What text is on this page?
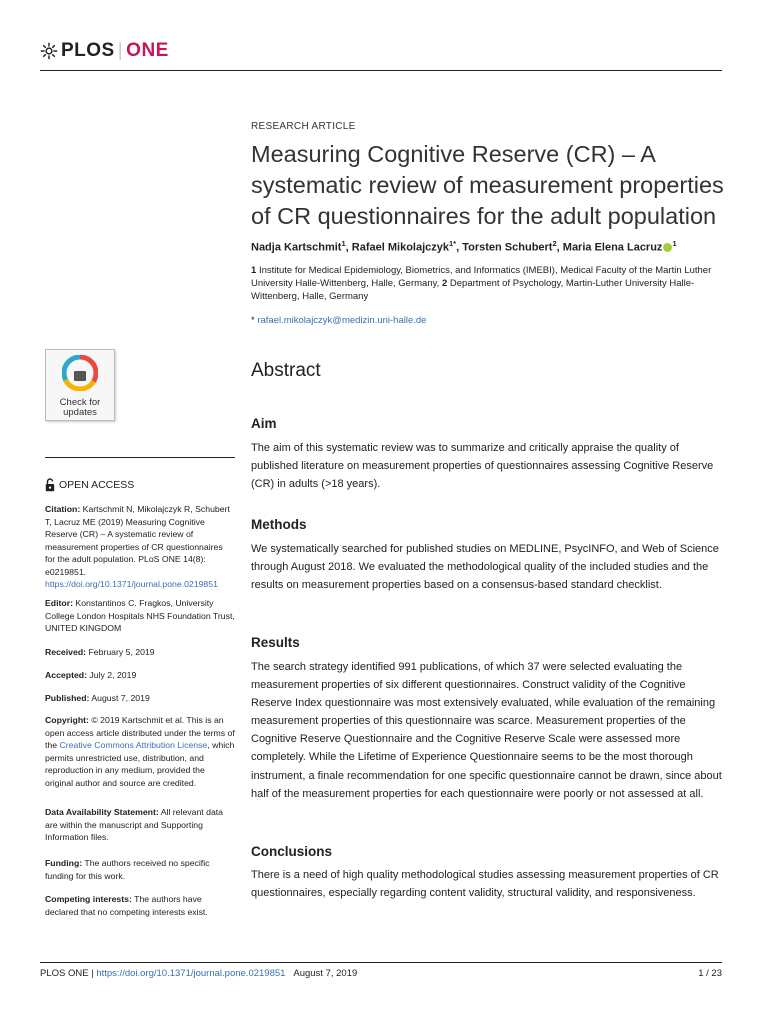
PLOS | ONE
RESEARCH ARTICLE
Measuring Cognitive Reserve (CR) – A systematic review of measurement properties of CR questionnaires for the adult population
Nadja Kartschmit$^1$, Rafael Mikolajczyk$^{1*}$, Torsten Schubert$^2$, Maria Elena Lacruz $^1$
1 Institute for Medical Epidemiology, Biometrics, and Informatics (IMEBI), Medical Faculty of the Martin Luther University Halle-Wittenberg, Halle, Germany, 2 Department of Psychology, Martin-Luther University Halle-Wittenberg, Halle, Germany
* rafael.mikolajczyk@medizin.uni-halle.de
Abstract
Aim

The aim of this systematic review was to summarize and critically appraise the quality of published literature on measurement properties of questionnaires assessing Cognitive Reserve (CR) in adults (>18 years).

Methods

We systematically searched for published studies on MEDLINE, PsycINFO, and Web of Science through August 2018. We evaluated the methodological quality of the included studies and the results on measurement properties based on a consensus-based standard checklist.

Results

The search strategy identified 991 publications, of which 37 were selected evaluating the measurement properties of six different questionnaires. Construct validity of the Cognitive Reserve Index questionnaire was most extensively evaluated, while evaluation of the remaining measurement properties of this questionnaire was scarce. Measurement properties of the Cognitive Reserve Questionnaire and the Cognitive Reserve Scale were assessed more completely. While the Lifetime of Experience Questionnaire seems to be the most thorough instrument, a finale recommendation for one specific questionnaire cannot be drawn, since about half of the measurement properties for each questionnaire were poorly or not assessed at all.

Conclusions

There is a need of high quality methodological studies assessing measurement properties of CR questionnaires, especially regarding content validity, structural validity, and responsiveness.

Check for
updates
OPEN ACCESS
Citation: Kartschmit N, Mikolajczyk R, Schubert T, Lacruz ME (2019) Measuring Cognitive Reserve (CR) – A systematic review of measurement properties of CR questionnaires for the adult population. PLoS ONE 14(8): e0219851. https://doi.org/10.1371/journal.pone.0219851
Editor: Konstantinos C. Fragkos, University College London Hospitals NHS Foundation Trust, UNITED KINGDOM
Received: February 5, 2019
Accepted: July 2, 2019
Published: August 7, 2019
Copyright: © 2019 Kartschmit et al. This is an open access article distributed under the terms of the Creative Commons Attribution License, which permits unrestricted use, distribution, and reproduction in any medium, provided the original author and source are credited.
Data Availability Statement: All relevant data are within the manuscript and Supporting Information files.
Funding: The authors received no specific funding for this work.
Competing interests: The authors have declared that no competing interests exist.
PLOS ONE | https://doi.org/10.1371/journal.pone.0219851 August 7, 2019	1 / 23
